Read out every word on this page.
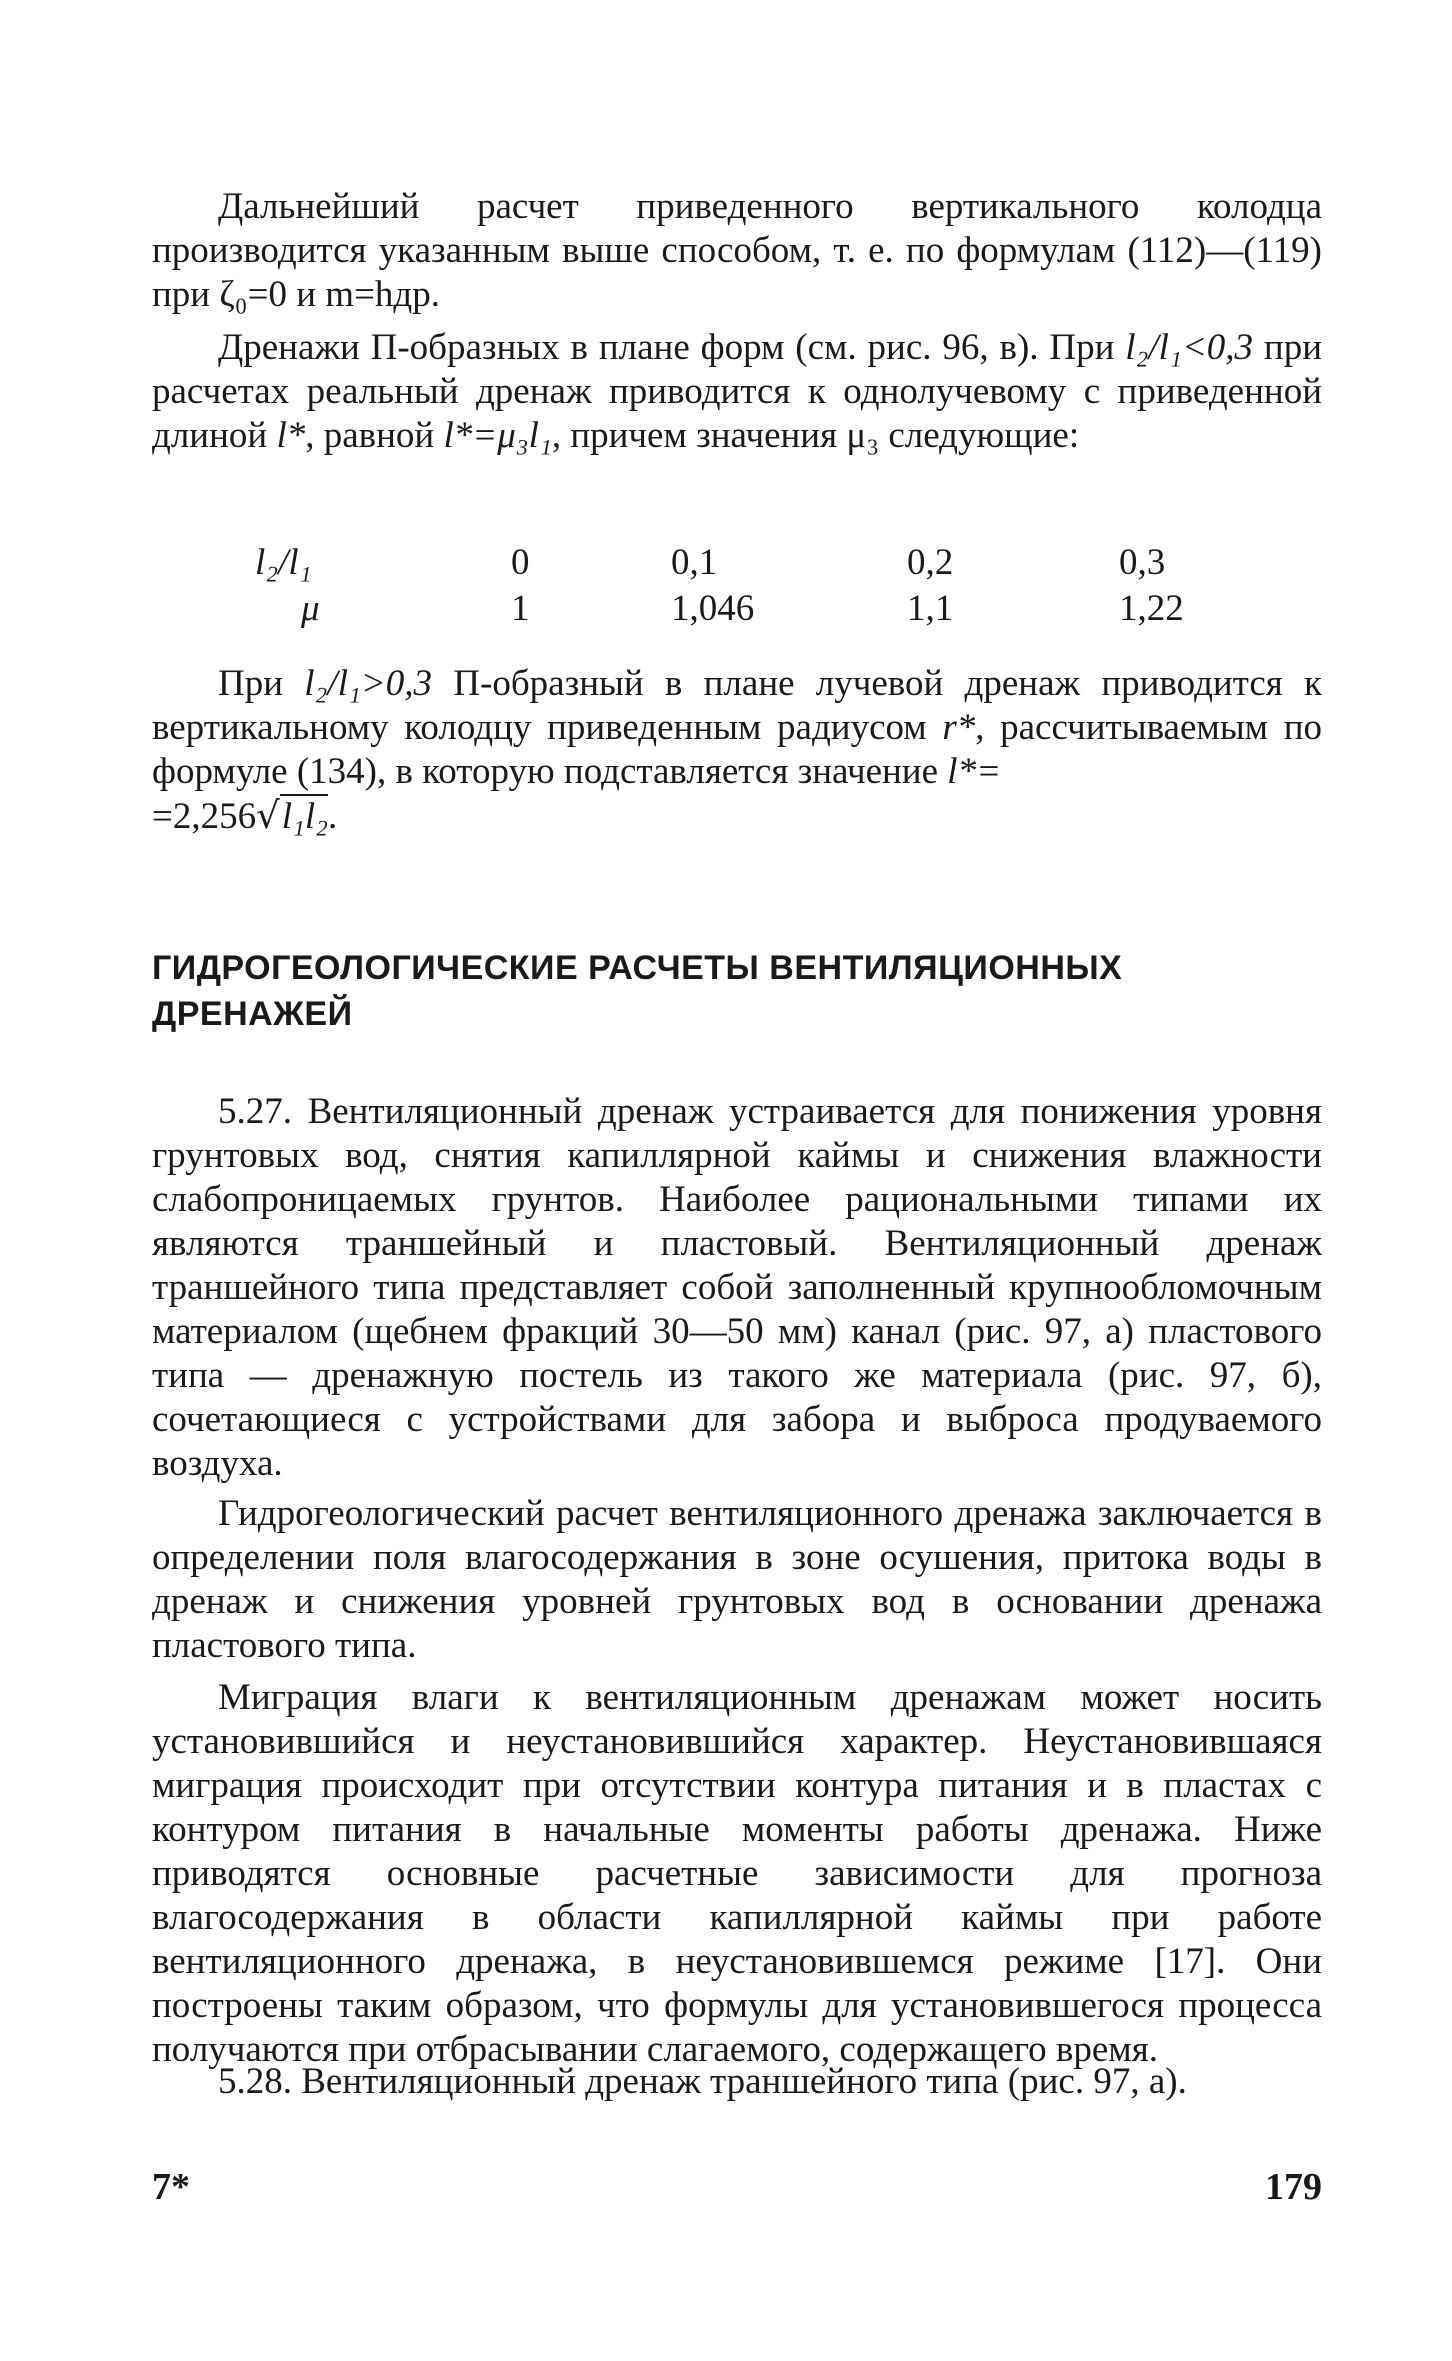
Дальнейший расчет приведенного вертикального колодца производится указанным выше способом, т. е. по формулам (112)—(119) при ζ₀=0 и m=hдр.

Дренажи П-образных в плане форм (см. рис. 96, в). При l₂/l₁<0,3 при расчетах реальный дренаж приводится к однолучевому с приведенной длиной l*, равной l*=μ₃l₁, причем значения μ₃ следующие:

l₂/l₁	0	0,1	0,2	0,3
μ	1	1,046	1,1	1,22

При l₂/l₁>0,3 П-образный в плане лучевой дренаж приводится к вертикальному колодцу приведенным радиусом r*, рассчитываемым по формуле (134), в которую подставляется значение l*=
=2,256√l₁l₂.

ГИДРОГЕОЛОГИЧЕСКИЕ РАСЧЕТЫ ВЕНТИЛЯЦИОННЫХ
ДРЕНАЖЕЙ

5.27. Вентиляционный дренаж устраивается для понижения уровня грунтовых вод, снятия капиллярной каймы и снижения влажности слабопроницаемых грунтов. Наиболее рациональными типами их являются траншейный и пластовый. Вентиляционный дренаж траншейного типа представляет собой заполненный крупнообломочным материалом (щебнем фракций 30—50 мм) канал (рис. 97, а) пластового типа — дренажную постель из такого же материала (рис. 97, б), сочетающиеся с устройствами для забора и выброса продуваемого воздуха.

Гидрогеологический расчет вентиляционного дренажа заключается в определении поля влагосодержания в зоне осушения, притока воды в дренаж и снижения уровней грунтовых вод в основании дренажа пластового типа.

Миграция влаги к вентиляционным дренажам может носить установившийся и неустановившийся характер. Неустановившаяся миграция происходит при отсутствии контура питания и в пластах с контуром питания в начальные моменты работы дренажа. Ниже приводятся основные расчетные зависимости для прогноза влагосодержания в области капиллярной каймы при работе вентиляционного дренажа, в неустановившемся режиме [17]. Они построены таким образом, что формулы для установившегося процесса получаются при отбрасывании слагаемого, содержащего время.

5.28. Вентиляционный дренаж траншейного типа (рис. 97, а).

7*	179
